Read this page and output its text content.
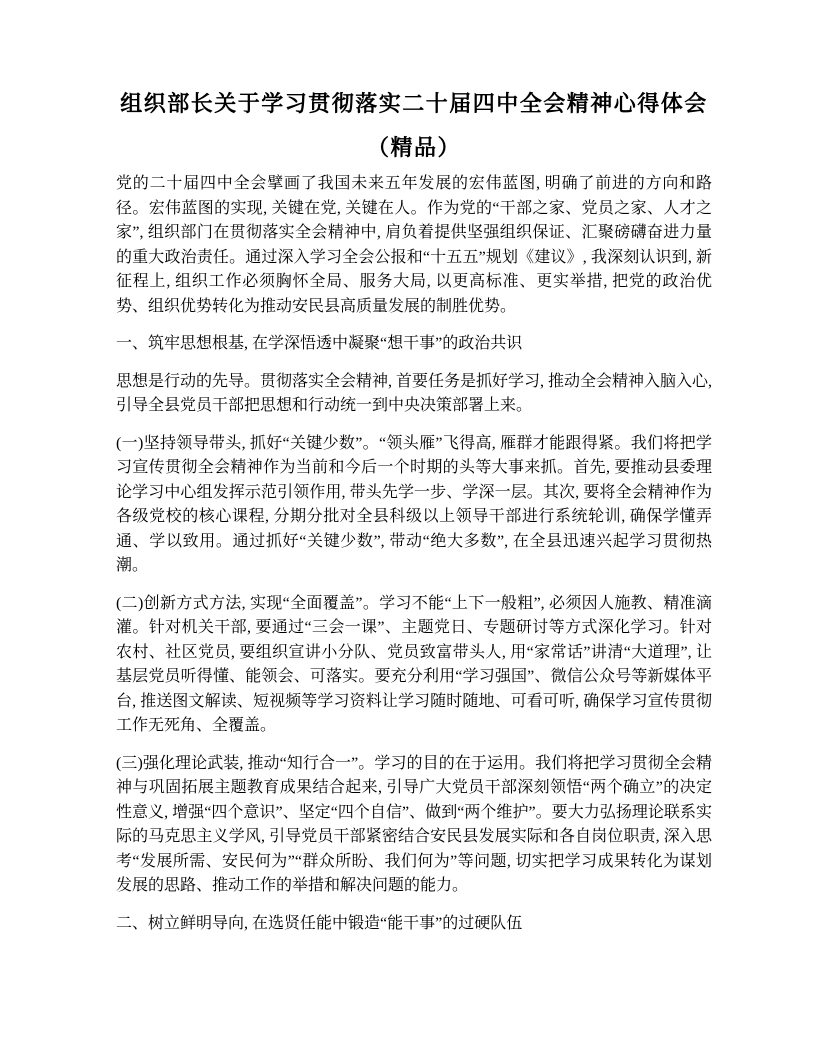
组织部长关于学习贯彻落实二十届四中全会精神心得体会（精品）

党的二十届四中全会擘画了我国未来五年发展的宏伟蓝图, 明确了前进的方向和路径。宏伟蓝图的实现, 关键在党, 关键在人。作为党的“干部之家、党员之家、人才之家”, 组织部门在贯彻落实全会精神中, 肩负着提供坚强组织保证、汇聚磅礴奋进力量的重大政治责任。通过深入学习全会公报和“十五五”规划《建议》, 我深刻认识到, 新征程上, 组织工作必须胸怀全局、服务大局, 以更高标准、更实举措, 把党的政治优势、组织优势转化为推动安民县高质量发展的制胜优势。

一、筑牢思想根基, 在学深悟透中凝聚“想干事”的政治共识

思想是行动的先导。贯彻落实全会精神, 首要任务是抓好学习, 推动全会精神入脑入心, 引导全县党员干部把思想和行动统一到中央决策部署上来。

(一)坚持领导带头, 抓好“关键少数”。“领头雁”飞得高, 雁群才能跟得紧。我们将把学习宣传贯彻全会精神作为当前和今后一个时期的头等大事来抓。首先, 要推动县委理论学习中心组发挥示范引领作用, 带头先学一步、学深一层。其次, 要将全会精神作为各级党校的核心课程, 分期分批对全县科级以上领导干部进行系统轮训, 确保学懂弄通、学以致用。通过抓好“关键少数”, 带动“绝大多数”, 在全县迅速兴起学习贯彻热潮。

(二)创新方式方法, 实现“全面覆盖”。学习不能“上下一般粗”, 必须因人施教、精准滴灌。针对机关干部, 要通过“三会一课”、主题党日、专题研讨等方式深化学习。针对农村、社区党员, 要组织宣讲小分队、党员致富带头人, 用“家常话”讲清“大道理”, 让基层党员听得懂、能领会、可落实。要充分利用“学习强国”、微信公众号等新媒体平台, 推送图文解读、短视频等学习资料让学习随时随地、可看可听, 确保学习宣传贯彻工作无死角、全覆盖。

(三)强化理论武装, 推动“知行合一”。学习的目的在于运用。我们将把学习贯彻全会精神与巩固拓展主题教育成果结合起来, 引导广大党员干部深刻领悟“两个确立”的决定性意义, 增强“四个意识”、坚定“四个自信”、做到“两个维护”。要大力弘扬理论联系实际的马克思主义学风, 引导党员干部紧密结合安民县发展实际和各自岗位职责, 深入思考“发展所需、安民何为”“群众所盼、我们何为”等问题, 切实把学习成果转化为谋划发展的思路、推动工作的举措和解决问题的能力。

二、树立鲜明导向, 在选贤任能中锻造“能干事”的过硬队伍
